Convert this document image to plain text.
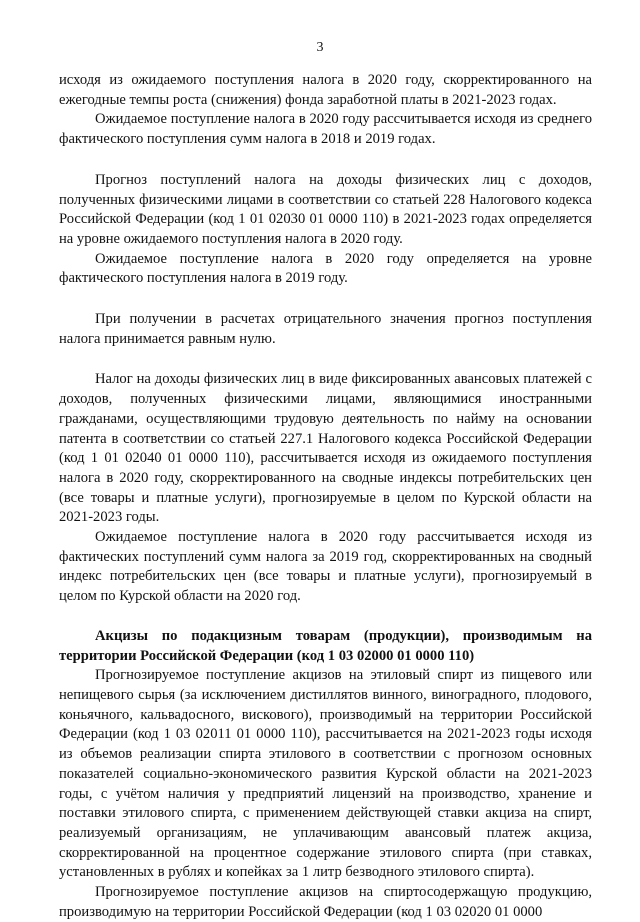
3

исходя из ожидаемого поступления налога в 2020 году, скорректированного на ежегодные темпы роста (снижения) фонда заработной платы в 2021-2023 годах.

Ожидаемое поступление налога в 2020 году рассчитывается исходя из среднего фактического поступления сумм налога в 2018 и 2019 годах.

Прогноз поступлений налога на доходы физических лиц с доходов, полученных физическими лицами в соответствии со статьей 228 Налогового кодекса Российской Федерации (код 1 01 02030 01 0000 110) в 2021-2023 годах определяется на уровне ожидаемого поступления налога в 2020 году.

Ожидаемое поступление налога в 2020 году определяется на уровне фактического поступления налога в 2019 году.

При получении в расчетах отрицательного значения прогноз поступления налога принимается равным нулю.

Налог на доходы физических лиц в виде фиксированных авансовых платежей с доходов, полученных физическими лицами, являющимися иностранными гражданами, осуществляющими трудовую деятельность по найму на основании патента в соответствии со статьей 227.1 Налогового кодекса Российской Федерации (код 1 01 02040 01 0000 110), рассчитывается исходя из ожидаемого поступления налога в 2020 году, скорректированного на сводные индексы потребительских цен (все товары и платные услуги), прогнозируемые в целом по Курской области на 2021-2023 годы.

Ожидаемое поступление налога в 2020 году рассчитывается исходя из фактических поступлений сумм налога за 2019 год, скорректированных на сводный индекс потребительских цен (все товары и платные услуги), прогнозируемый в целом по Курской области на 2020 год.

Акцизы по подакцизным товарам (продукции), производимым на территории Российской Федерации (код 1 03 02000 01 0000 110)

Прогнозируемое поступление акцизов на этиловый спирт из пищевого или непищевого сырья (за исключением дистиллятов винного, виноградного, плодового, коньячного, кальвадосного, вискового), производимый на территории Российской Федерации (код 1 03 02011 01 0000 110), рассчитывается на 2021-2023 годы исходя из объемов реализации спирта этилового в соответствии с прогнозом основных показателей социально-экономического развития Курской области на 2021-2023 годы, с учётом наличия у предприятий лицензий на производство, хранение и поставки этилового спирта, с применением действующей ставки акциза на спирт, реализуемый организациям, не уплачивающим авансовый платеж акциза, скорректированной на процентное содержание этилового спирта (при ставках, установленных в рублях и копейках за 1 литр безводного этилового спирта).

Прогнозируемое поступление акцизов на спиртосодержащую продукцию, производимую на территории Российской Федерации (код 1 03 02020 01 0000
